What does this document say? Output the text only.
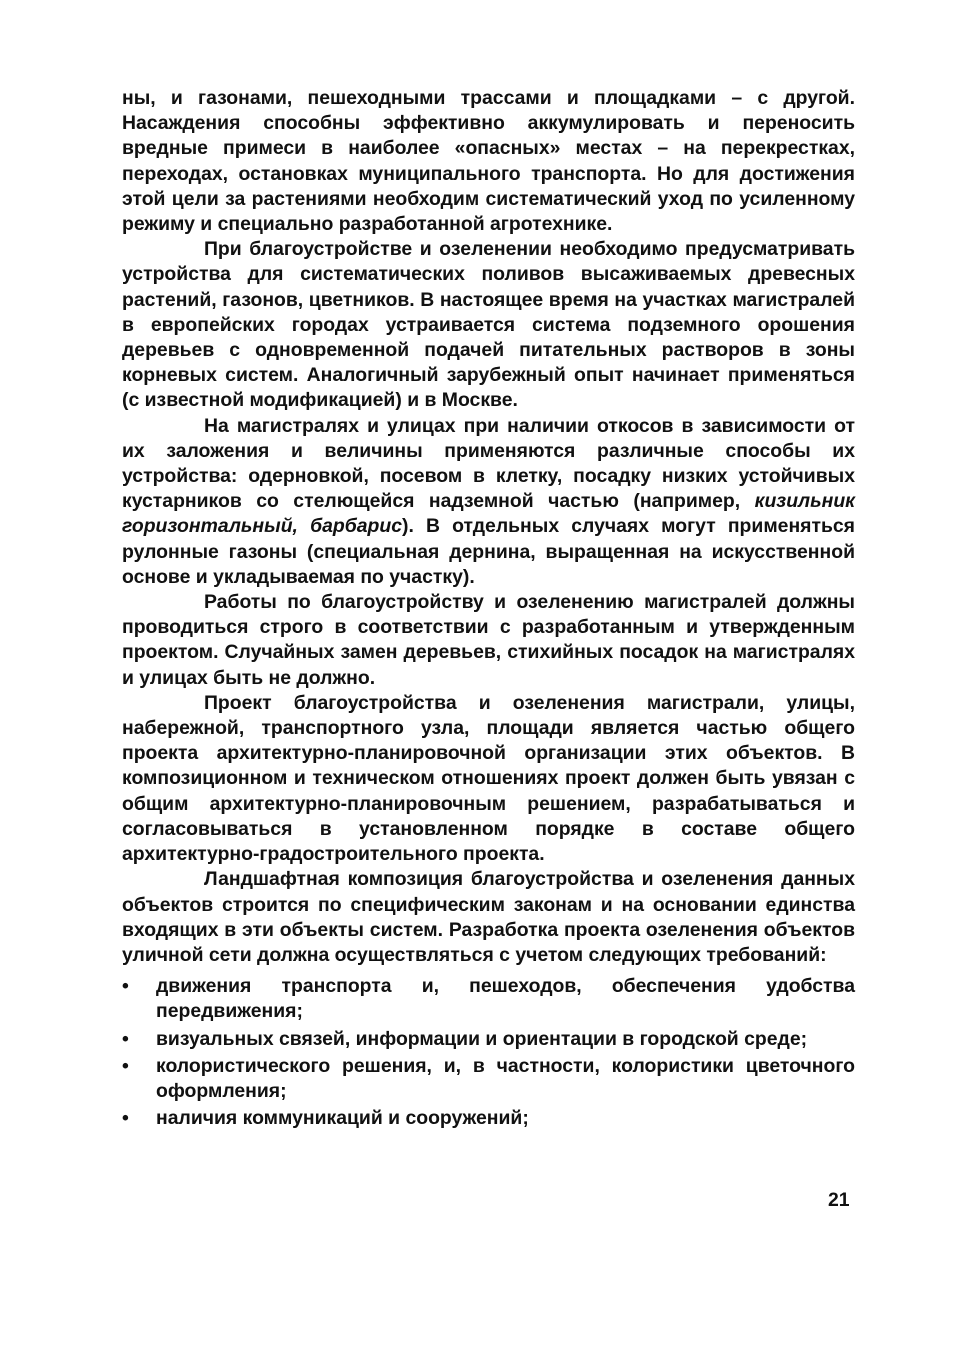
ны, и газонами, пешеходными трассами и площадками – с другой. Насаждения способны эффективно аккумулировать и переносить вредные примеси в наиболее «опасных» местах – на перекрестках, переходах, остановках муниципального транспорта. Но для достижения этой цели за растениями необходим систематический уход по усиленному режиму и специально разработанной агротехнике.

При благоустройстве и озеленении необходимо предусматривать устройства для систематических поливов высаживаемых древесных растений, газонов, цветников. В настоящее время на участках магистралей в европейских городах устраивается система подземного орошения деревьев с одновременной подачей питательных растворов в зоны корневых систем. Аналогичный зарубежный опыт начинает применяться (с известной модификацией) и в Москве.

На магистралях и улицах при наличии откосов в зависимости от их заложения и величины применяются различные способы их устройства: одерновкой, посевом в клетку, посадку низких устойчивых кустарников со стелющейся надземной частью (например, кизильник горизонтальный, барбарис). В отдельных случаях могут применяться рулонные газоны (специальная дернина, выращенная на искусственной основе и укладываемая по участку).

Работы по благоустройству и озеленению магистралей должны проводиться строго в соответствии с разработанным и утвержденным проектом. Случайных замен деревьев, стихийных посадок на магистралях и улицах быть не должно.

Проект благоустройства и озеленения магистрали, улицы, набережной, транспортного узла, площади является частью общего проекта архитектурно-планировочной организации этих объектов. В композиционном и техническом отношениях проект должен быть увязан с общим архитектурно-планировочным решением, разрабатываться и согласовываться в установленном порядке в составе общего архитектурно-градостроительного проекта.

Ландшафтная композиция благоустройства и озеленения данных объектов строится по специфическим законам и на основании единства входящих в эти объекты систем. Разработка проекта озеленения объектов уличной сети должна осуществляться с учетом следующих требований:

• движения транспорта и, пешеходов, обеспечения удобства передвижения;
• визуальных связей, информации и ориентации в городской среде;
• колористического решения, и, в частности, колористики цветочного оформления;
• наличия коммуникаций и сооружений;
21
